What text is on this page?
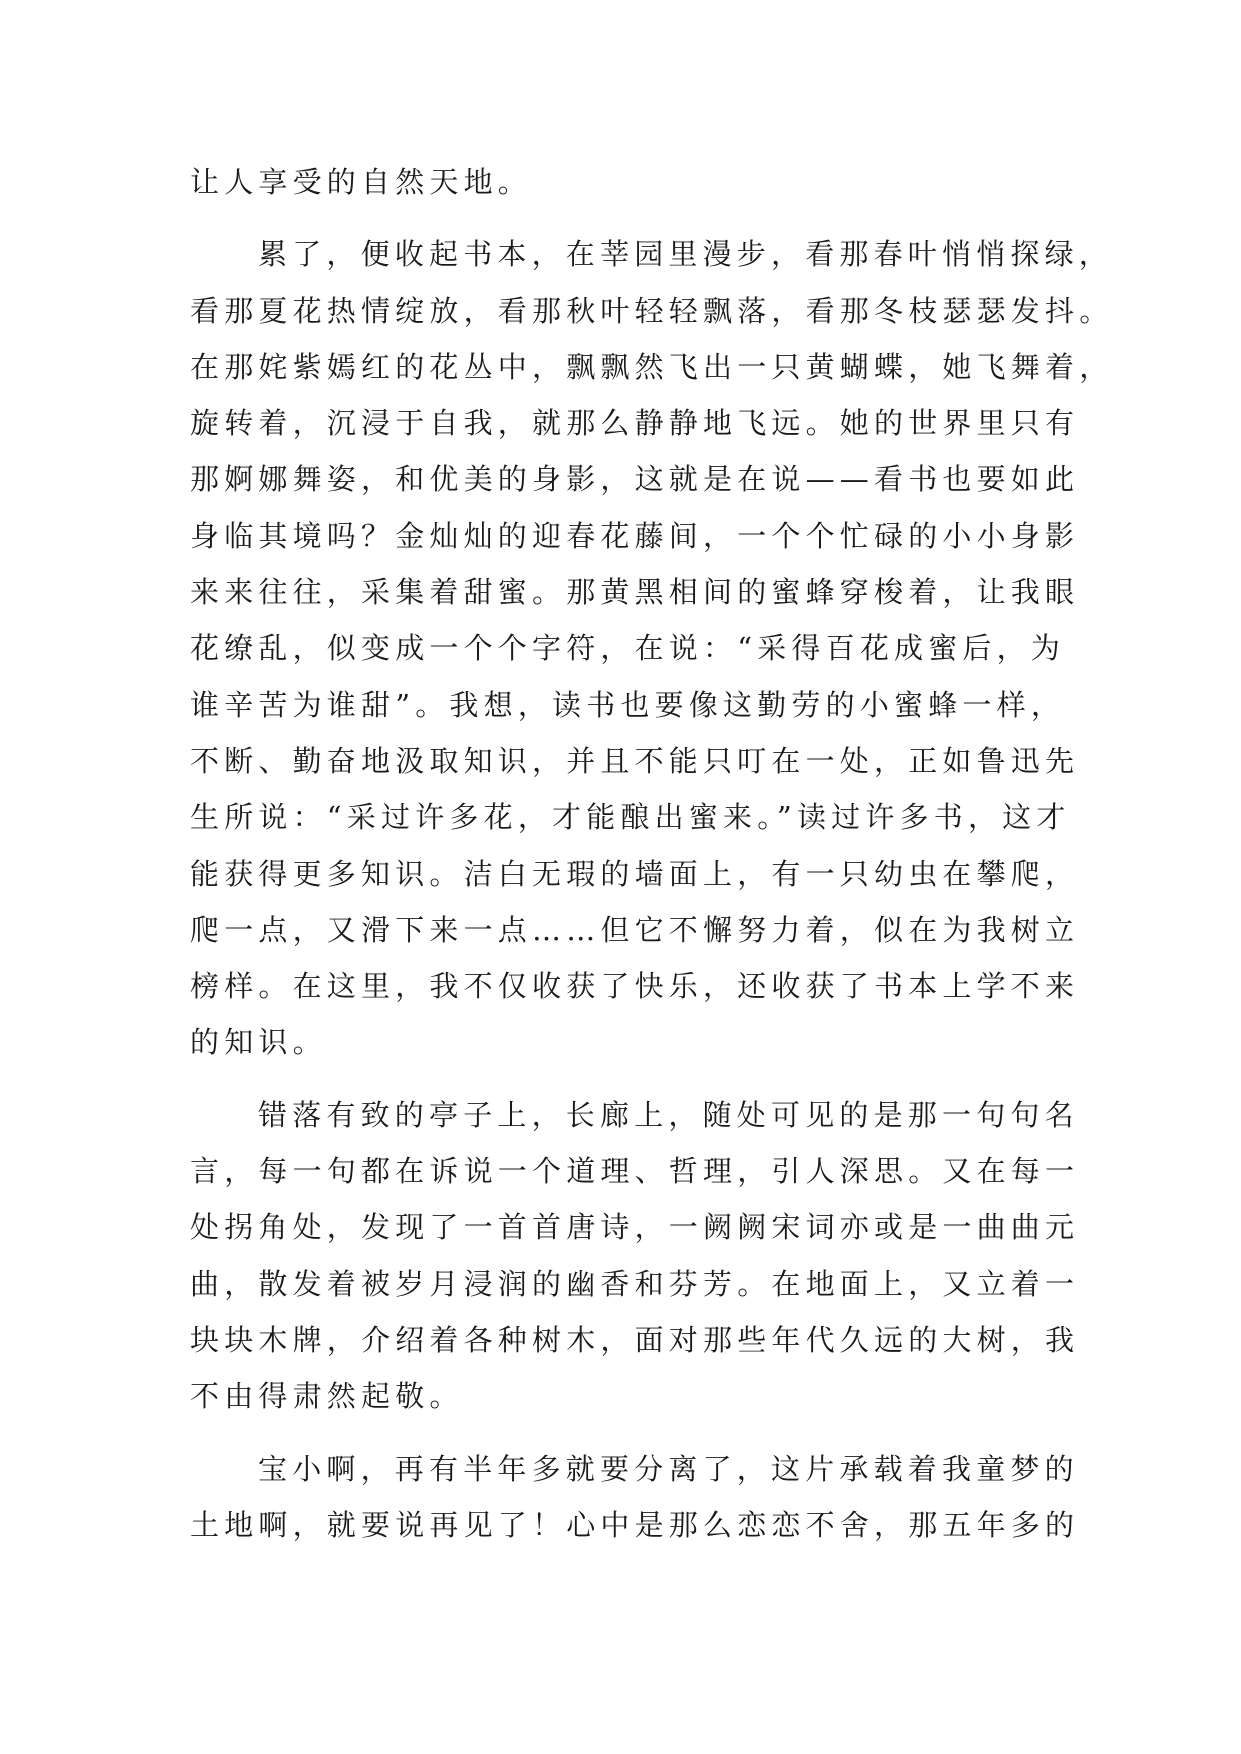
让人享受的自然天地。
累了，便收起书本，在莘园里漫步，看那春叶悄悄探绿，
看那夏花热情绽放，看那秋叶轻轻飘落，看那冬枝瑟瑟发抖。
在那姹紫嫣红的花丛中，飘飘然飞出一只黄蝴蝶，她飞舞着，
旋转着，沉浸于自我，就那么静静地飞远。她的世界里只有
那婀娜舞姿，和优美的身影，这就是在说——看书也要如此
身临其境吗？金灿灿的迎春花藤间，一个个忙碌的小小身影
来来往往，采集着甜蜜。那黄黑相间的蜜蜂穿梭着，让我眼
花缭乱，似变成一个个字符，在说：“采得百花成蜜后，为
谁辛苦为谁甜”。我想，读书也要像这勤劳的小蜜蜂一样，
不断、勤奋地汲取知识，并且不能只叮在一处，正如鲁迅先
生所说：“采过许多花，才能酿出蜜来。”读过许多书，这才
能获得更多知识。洁白无瑕的墙面上，有一只幼虫在攀爬，
爬一点，又滑下来一点……但它不懈努力着，似在为我树立
榜样。在这里，我不仅收获了快乐，还收获了书本上学不来
的知识。
错落有致的亭子上，长廊上，随处可见的是那一句句名
言，每一句都在诉说一个道理、哲理，引人深思。又在每一
处拐角处，发现了一首首唐诗，一阙阙宋词亦或是一曲曲元
曲，散发着被岁月浸润的幽香和芬芳。在地面上，又立着一
块块木牌，介绍着各种树木，面对那些年代久远的大树，我
不由得肃然起敬。
宝小啊，再有半年多就要分离了，这片承载着我童梦的
土地啊，就要说再见了！心中是那么恋恋不舍，那五年多的
